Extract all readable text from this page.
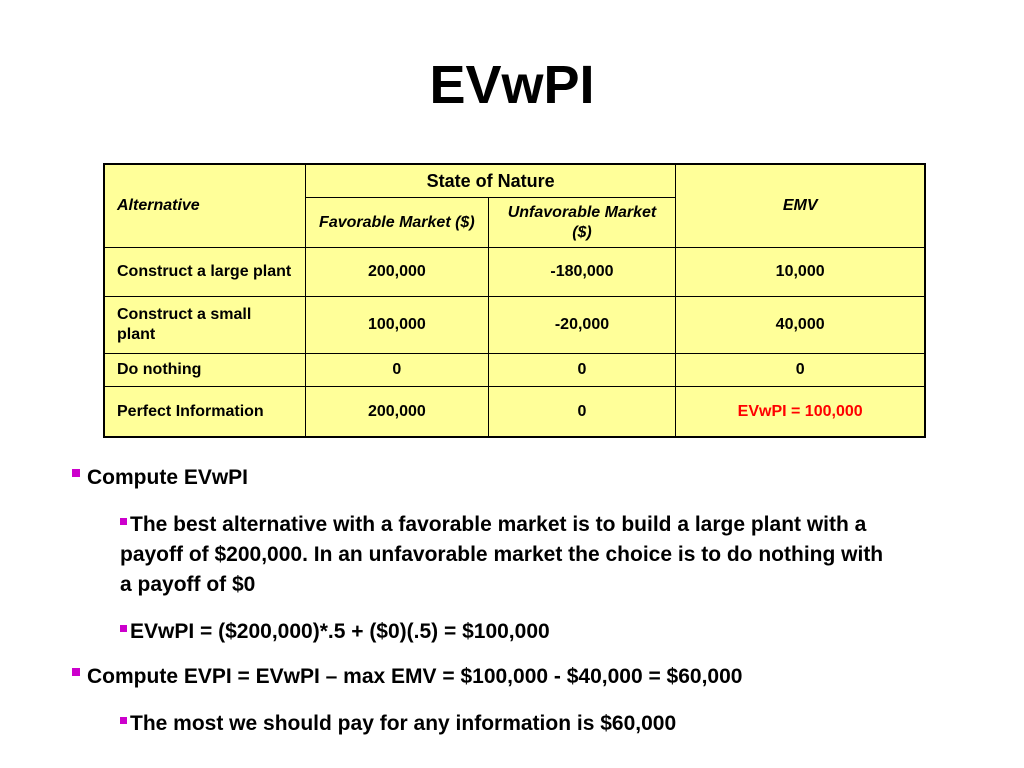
EVwPI
Alternative	State of Nature		EMV
	Favorable Market ($)	Unfavorable Market ($)	
Construct a large plant	200,000	-180,000	10,000
Construct a small plant	100,000	-20,000	40,000
Do nothing	0	0	0
Perfect Information	200,000	0	EVwPI = 100,000
Compute EVwPI
The best alternative with a favorable market is to build a large plant with a payoff of $200,000. In an unfavorable market the choice is to do nothing with a payoff of $0
EVwPI = ($200,000)*.5 + ($0)(.5) = $100,000
Compute EVPI = EVwPI – max EMV = $100,000 - $40,000 = $60,000
The most we should pay for any information is $60,000
